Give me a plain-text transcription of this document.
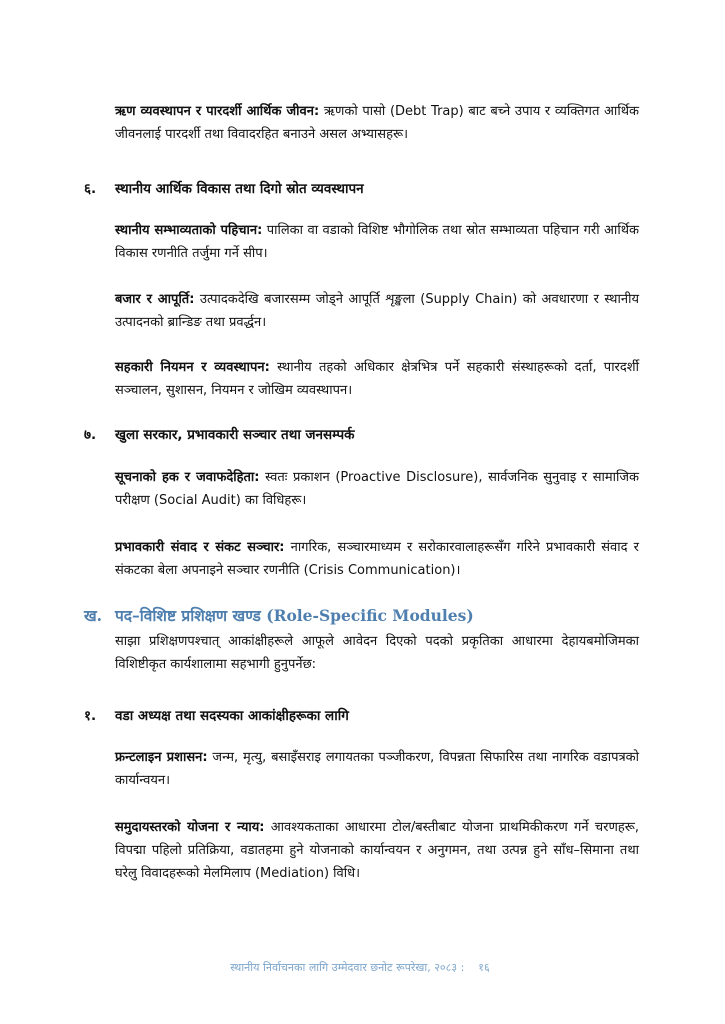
ऋण व्यवस्थापन र पारदर्शी आर्थिक जीवन: ऋणको पासो (Debt Trap) बाट बच्ने उपाय र व्यक्तिगत आर्थिक जीवनलाई पारदर्शी तथा विवादरहित बनाउने असल अभ्यासहरू।

६. स्थानीय आर्थिक विकास तथा दिगो स्रोत व्यवस्थापन

स्थानीय सम्भाव्यताको पहिचान: पालिका वा वडाको विशिष्ट भौगोलिक तथा स्रोत सम्भाव्यता पहिचान गरी आर्थिक विकास रणनीति तर्जुमा गर्ने सीप।

बजार र आपूर्ति: उत्पादकदेखि बजारसम्म जोड्ने आपूर्ति शृङ्खला (Supply Chain) को अवधारणा र स्थानीय उत्पादनको ब्रान्डिङ तथा प्रवर्द्धन।

सहकारी नियमन र व्यवस्थापन: स्थानीय तहको अधिकार क्षेत्रभित्र पर्ने सहकारी संस्थाहरूको दर्ता, पारदर्शी सञ्चालन, सुशासन, नियमन र जोखिम व्यवस्थापन।

७. खुला सरकार, प्रभावकारी सञ्चार तथा जनसम्पर्क

सूचनाको हक र जवाफदेहिता: स्वतः प्रकाशन (Proactive Disclosure), सार्वजनिक सुनुवाइ र सामाजिक परीक्षण (Social Audit) का विधिहरू।

प्रभावकारी संवाद र संकट सञ्चार: नागरिक, सञ्चारमाध्यम र सरोकारवालाहरूसँग गरिने प्रभावकारी संवाद र संकटका बेला अपनाइने सञ्चार रणनीति (Crisis Communication)।

ख. पद–विशिष्ट प्रशिक्षण खण्ड (Role-Specific Modules)

साझा प्रशिक्षणपश्चात् आकांक्षीहरूले आफूले आवेदन दिएको पदको प्रकृतिका आधारमा देहायबमोजिमका विशिष्टीकृत कार्यशालामा सहभागी हुनुपर्नेछ:

१. वडा अध्यक्ष तथा सदस्यका आकांक्षीहरूका लागि

फ्रन्टलाइन प्रशासन: जन्म, मृत्यु, बसाइँसराइ लगायतका पञ्जीकरण, विपन्नता सिफारिस तथा नागरिक वडापत्रको कार्यान्वयन।

समुदायस्तरको योजना र न्याय: आवश्यकताका आधारमा टोल/बस्तीबाट योजना प्राथमिकीकरण गर्ने चरणहरू, विपद्मा पहिलो प्रतिक्रिया, वडातहमा हुने योजनाको कार्यान्वयन र अनुगमन, तथा उत्पन्न हुने साँध–सिमाना तथा घरेलु विवादहरूको मेलमिलाप (Mediation) विधि।

स्थानीय निर्वाचनका लागि उम्मेदवार छनोट रूपरेखा, २०८३ : १६
